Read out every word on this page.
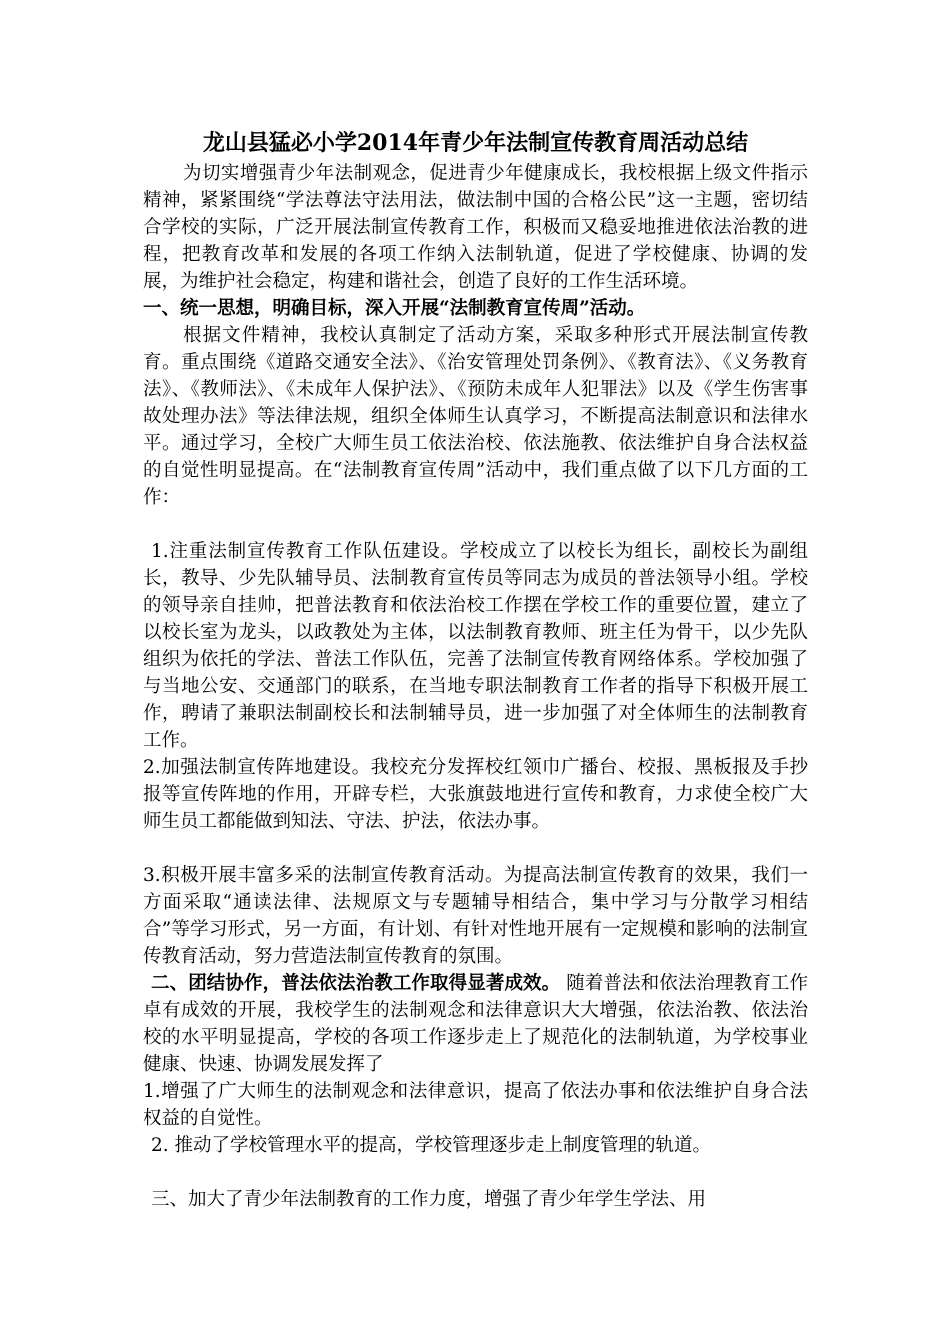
龙山县猛必小学2014年青少年法制宣传教育周活动总结

为切实增强青少年法制观念，促进青少年健康成长，我校根据上级文件指示精神，紧紧围绕“学法尊法守法用法，做法制中国的合格公民”这一主题，密切结合学校的实际，广泛开展法制宣传教育工作，积极而又稳妥地推进依法治教的进程，把教育改革和发展的各项工作纳入法制轨道，促进了学校健康、协调的发展，为维护社会稳定，构建和谐社会，创造了良好的工作生活环境。

一、统一思想，明确目标，深入开展“法制教育宣传周”活动。

根据文件精神，我校认真制定了活动方案，采取多种形式开展法制宣传教育。重点围绕《道路交通安全法》、《治安管理处罚条例》、《教育法》、《义务教育法》、《教师法》、《未成年人保护法》、《预防未成年人犯罪法》以及《学生伤害事故处理办法》等法律法规，组织全体师生认真学习，不断提高法制意识和法律水平。通过学习，全校广大师生员工依法治校、依法施教、依法维护自身合法权益的自觉性明显提高。在“法制教育宣传周”活动中，我们重点做了以下几方面的工作：

1.注重法制宣传教育工作队伍建设。学校成立了以校长为组长，副校长为副组长，教导、少先队辅导员、法制教育宣传员等同志为成员的普法领导小组。学校的领导亲自挂帅，把普法教育和依法治校工作摆在学校工作的重要位置，建立了以校长室为龙头，以政教处为主体，以法制教育教师、班主任为骨干，以少先队组织为依托的学法、普法工作队伍，完善了法制宣传教育网络体系。学校加强了与当地公安、交通部门的联系，在当地专职法制教育工作者的指导下积极开展工作，聘请了兼职法制副校长和法制辅导员，进一步加强了对全体师生的法制教育工作。

2.加强法制宣传阵地建设。我校充分发挥校红领巾广播台、校报、黑板报及手抄报等宣传阵地的作用，开辟专栏，大张旗鼓地进行宣传和教育，力求使全校广大师生员工都能做到知法、守法、护法，依法办事。

3.积极开展丰富多采的法制宣传教育活动。为提高法制宣传教育的效果，我们一方面采取“通读法律、法规原文与专题辅导相结合，集中学习与分散学习相结合”等学习形式，另一方面，有计划、有针对性地开展有一定规模和影响的法制宣传教育活动，努力营造法制宣传教育的氛围。

二、团结协作，普法依法治教工作取得显著成效。 随着普法和依法治理教育工作卓有成效的开展，我校学生的法制观念和法律意识大大增强，依法治教、依法治校的水平明显提高，学校的各项工作逐步走上了规范化的法制轨道，为学校事业健康、快速、协调发展发挥了

1.增强了广大师生的法制观念和法律意识，提高了依法办事和依法维护自身合法权益的自觉性。

2. 推动了学校管理水平的提高，学校管理逐步走上制度管理的轨道。

三、加大了青少年法制教育的工作力度，增强了青少年学生学法、用
